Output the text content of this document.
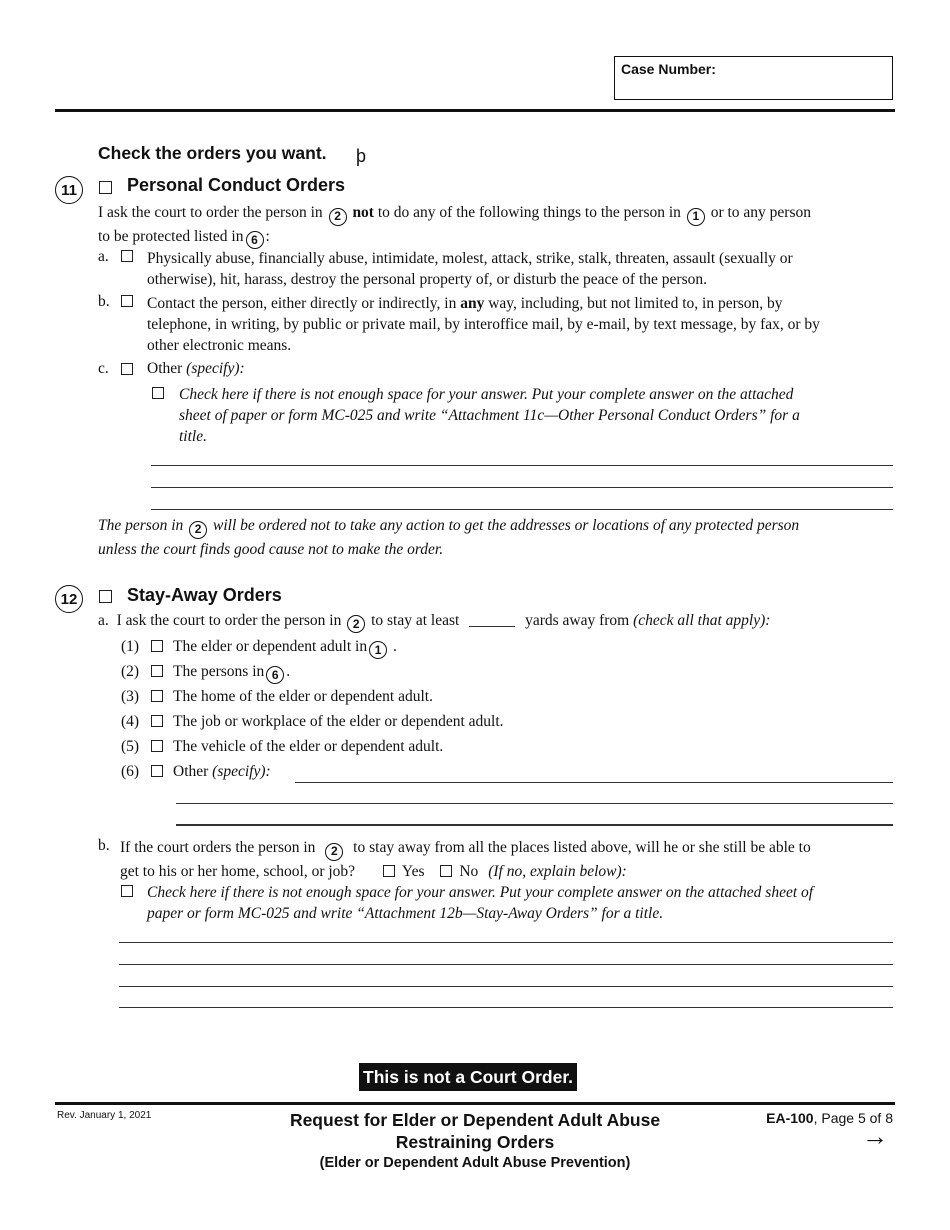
Case Number:
Check the orders you want. þ
11	Personal Conduct Orders
I ask the court to order the person in 2 not to do any of the following things to the person in 1 or to any person
to be protected listed in 6 :
a. Physically abuse, financially abuse, intimidate, molest, attack, strike, stalk, threaten, assault (sexually or
otherwise), hit, harass, destroy the personal property of, or disturb the peace of the person.
b. Contact the person, either directly or indirectly, in any way, including, but not limited to, in person, by
telephone, in writing, by public or private mail, by interoffice mail, by e-mail, by text message, by fax, or by
other electronic means.
c. Other (specify):
Check here if there is not enough space for your answer. Put your complete answer on the attached
sheet of paper or form MC-025 and write “Attachment 11c—Other Personal Conduct Orders” for a
title.
The person in 2 will be ordered not to take any action to get the addresses or locations of any protected person
unless the court finds good cause not to make the order.
12	Stay-Away Orders
a. I ask the court to order the person in 2 to stay at least	yards away from (check all that apply):
(1) The elder or dependent adult in 1 .
(2) The persons in 6 .
(3) The home of the elder or dependent adult.
(4) The job or workplace of the elder or dependent adult.
(5) The vehicle of the elder or dependent adult.
(6) Other (specify):
b. If the court orders the person in 2 to stay away from all the places listed above, will he or she still be able to
get to his or her home, school, or job?	Yes No (If no, explain below):
Check here if there is not enough space for your answer. Put your complete answer on the attached sheet of
paper or form MC-025 and write “Attachment 12b—Stay-Away Orders” for a title.
This is not a Court Order.
Rev. January 1, 2021	Request for Elder or Dependent Adult Abuse
Restraining Orders
(Elder or Dependent Adult Abuse Prevention)
EA-100, Page 5 of 8
→
